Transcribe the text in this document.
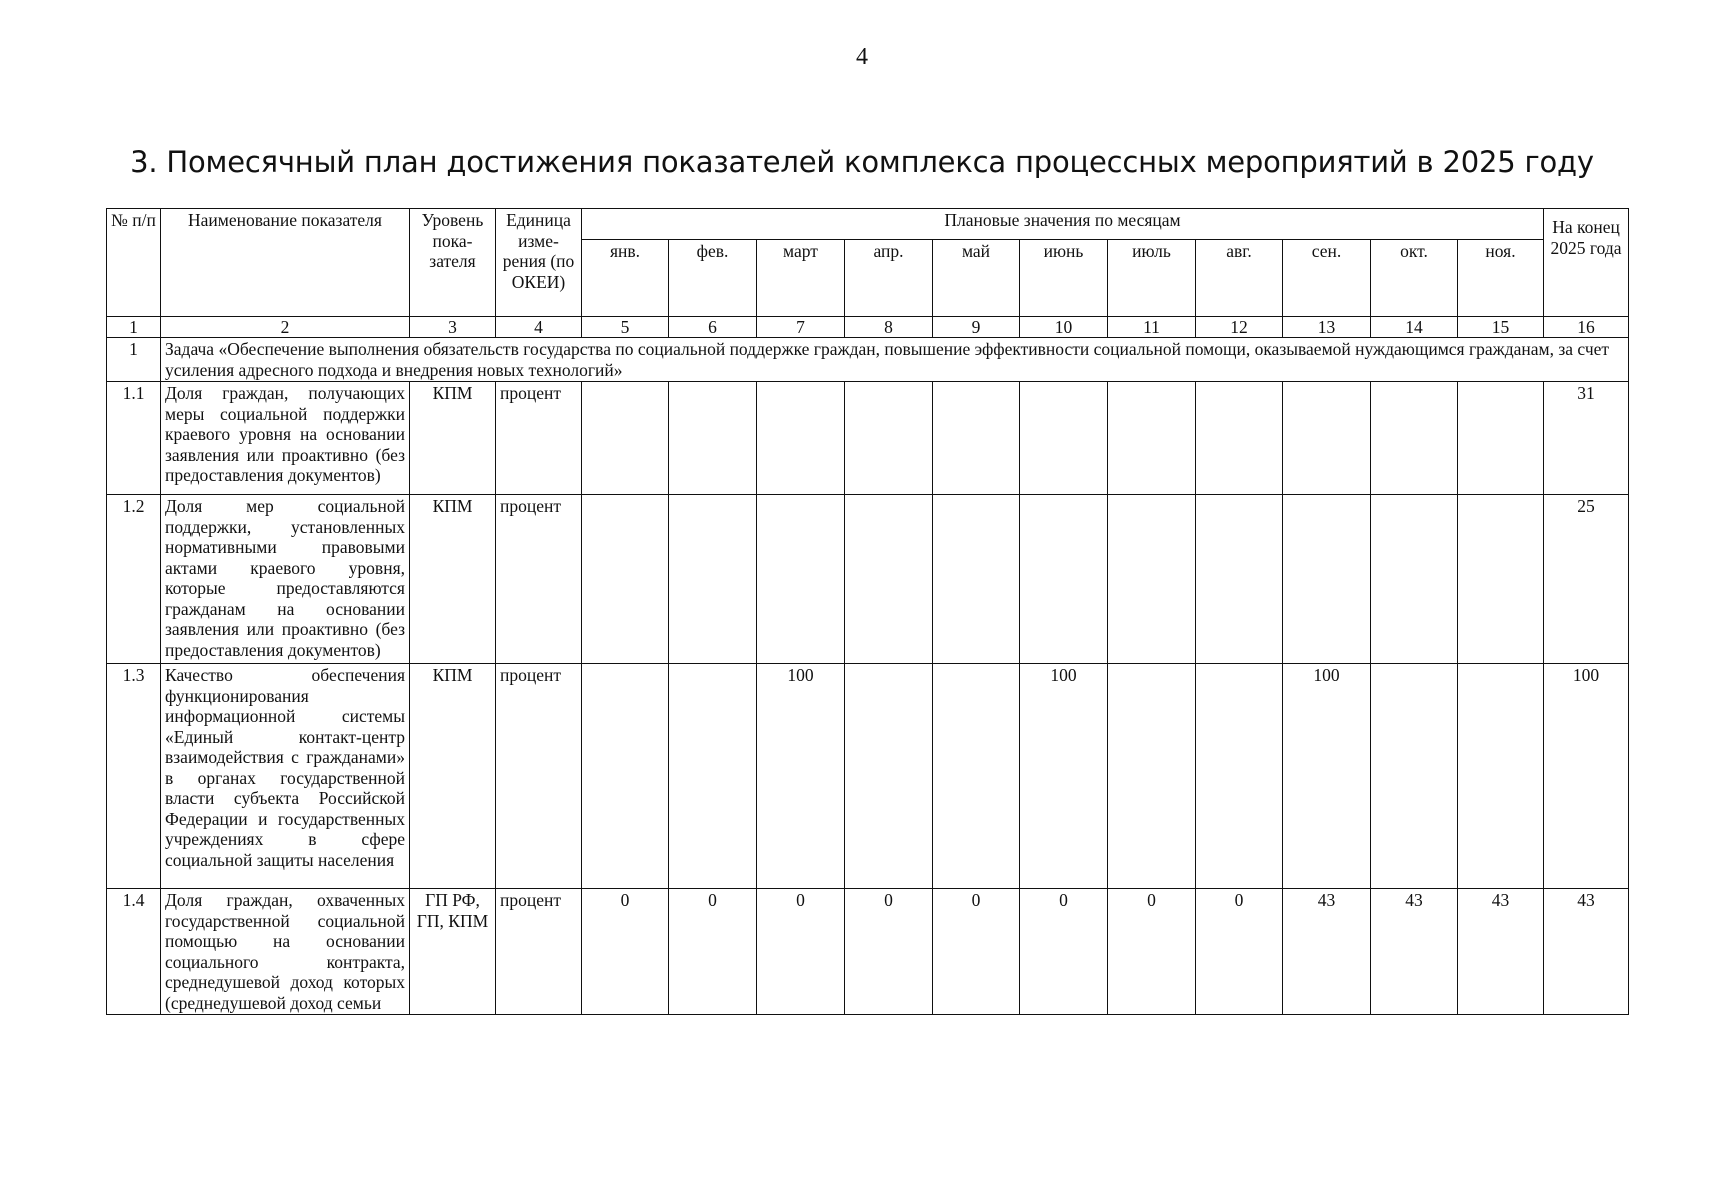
4
3. Помесячный план достижения показателей комплекса процессных мероприятий в 2025 году
№ п/п	Наименование показателя	Уровень пока-зателя	Единица изме-рения (по ОКЕИ)	Плановые значения по месяцам											На конец 2025 года
				янв.	фев.	март	апр.	май	июнь	июль	авг.	сен.	окт.	ноя.	
1	2	3	4	5	6	7	8	9	10	11	12	13	14	15	16
1	Задача «Обеспечение выполнения обязательств государства по социальной поддержке граждан, повышение эффективности социальной помощи, оказываемой нуждающимся гражданам, за счет усиления адресного подхода и внедрения новых технологий»														
1.1	Доля граждан, получающих меры социальной поддержки краевого уровня на основании заявления или проактивно (без предоставления документов)	КПМ	процент												31
1.2	Доля мер социальной поддержки, установленных нормативными правовыми актами краевого уровня, которые предоставляются гражданам на основании заявления или проактивно (без предоставления документов)	КПМ	процент												25
1.3	Качество обеспечения функционирования информационной системы «Единый контакт-центр взаимодействия с гражданами» в органах государственной власти субъекта Российской Федерации и государственных учреждениях в сфере социальной защиты населения	КПМ	процент			100			100			100			100
1.4	Доля граждан, охваченных государственной социальной помощью на основании социального контракта, среднедушевой доход которых (среднедушевой доход семьи	ГП РФ, ГП, КПМ	процент	0	0	0	0	0	0	0	0	43	43	43	43
